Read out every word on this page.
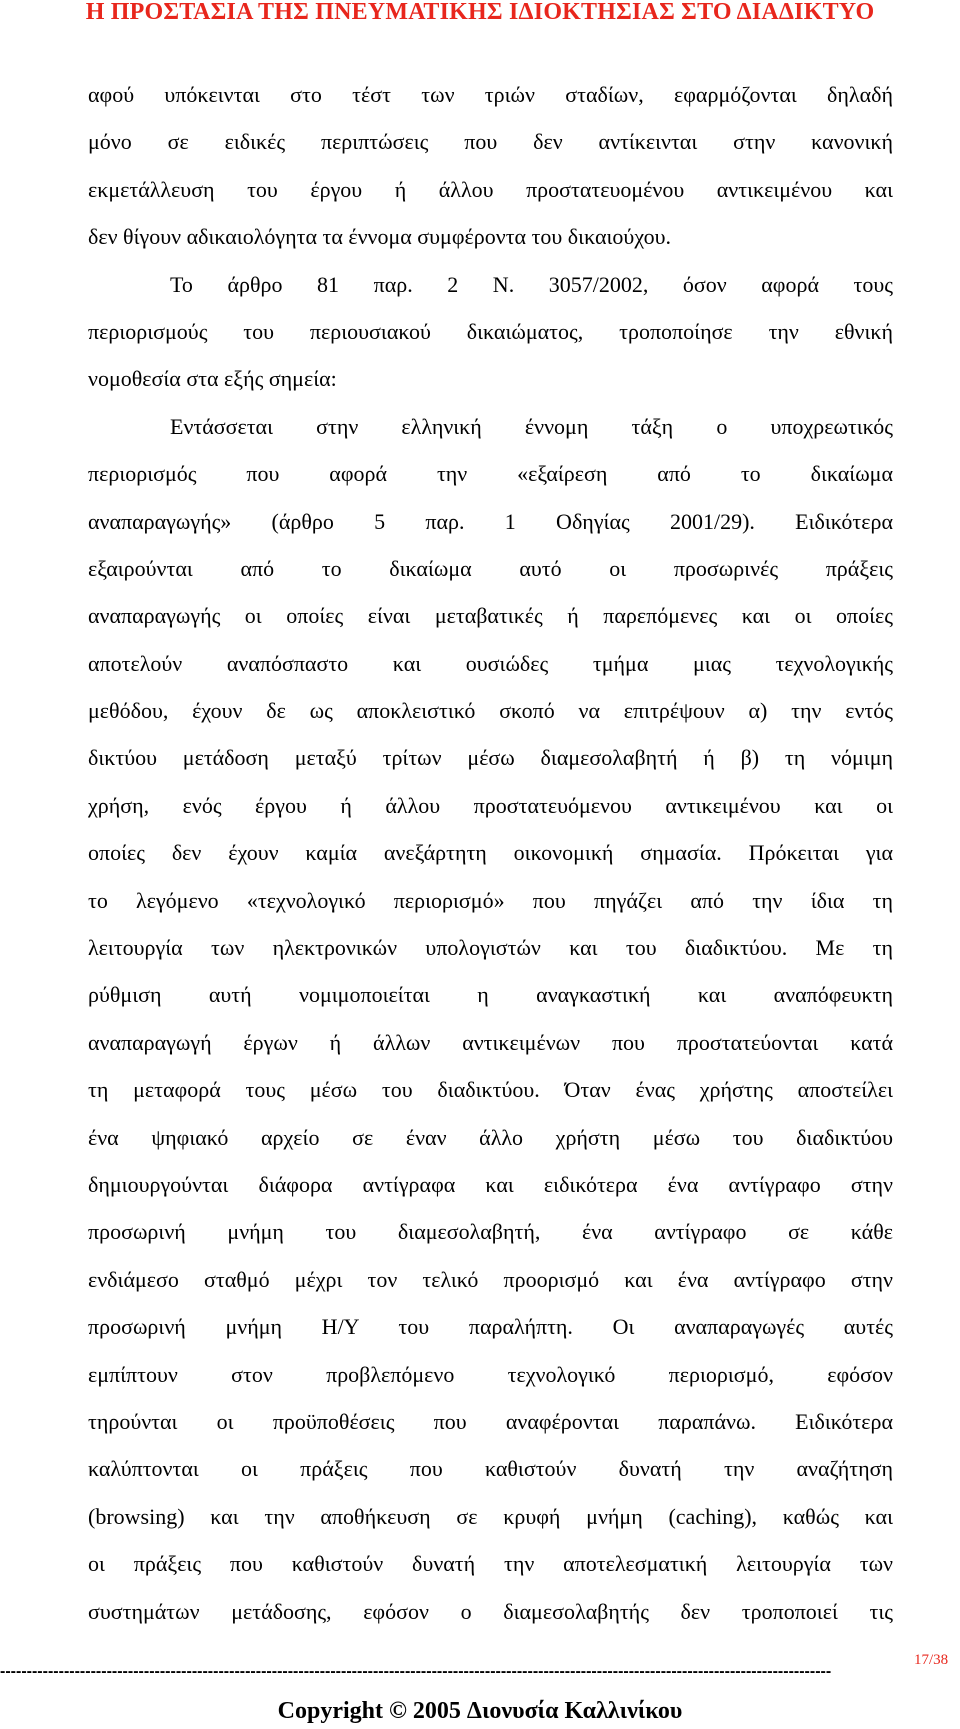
Η ΠΡΟΣΤΑΣΙΑ ΤΗΣ ΠΝΕΥΜΑΤΙΚΗΣ ΙΔΙΟΚΤΗΣΙΑΣ ΣΤΟ ΔΙΑΔΙΚΤΥΟ
αφού υπόκεινται στο τέστ των τριών σταδίων, εφαρμόζονται δηλαδή
μόνο σε ειδικές περιπτώσεις που δεν αντίκεινται στην κανονική
εκμετάλλευση του έργου ή άλλου προστατευομένου αντικειμένου και
δεν θίγουν αδικαιολόγητα τα έννομα συμφέροντα του δικαιούχου.
Το άρθρο 81 παρ. 2 Ν. 3057/2002, όσον αφορά τους
περιορισμούς του περιουσιακού δικαιώματος, τροποποίησε την εθνική
νομοθεσία στα εξής σημεία:
Εντάσσεται στην ελληνική έννομη τάξη ο υποχρεωτικός
περιορισμός που αφορά την «εξαίρεση από το δικαίωμα
αναπαραγωγής» (άρθρο 5 παρ. 1 Οδηγίας 2001/29). Ειδικότερα
εξαιρούνται από το δικαίωμα αυτό οι προσωρινές πράξεις
αναπαραγωγής οι οποίες είναι μεταβατικές ή παρεπόμενες και οι οποίες
αποτελούν αναπόσπαστο και ουσιώδες τμήμα μιας τεχνολογικής
μεθόδου, έχουν δε ως αποκλειστικό σκοπό να επιτρέψουν α) την εντός
δικτύου μετάδοση μεταξύ τρίτων μέσω διαμεσολαβητή ή β) τη νόμιμη
χρήση, ενός έργου ή άλλου προστατευόμενου αντικειμένου και οι
οποίες δεν έχουν καμία ανεξάρτητη οικονομική σημασία. Πρόκειται για
το λεγόμενο «τεχνολογικό περιορισμό» που πηγάζει από την ίδια τη
λειτουργία των ηλεκτρονικών υπολογιστών και του διαδικτύου. Με τη
ρύθμιση αυτή νομιμοποιείται η αναγκαστική και αναπόφευκτη
αναπαραγωγή έργων ή άλλων αντικειμένων που προστατεύονται κατά
τη μεταφορά τους μέσω του διαδικτύου. Όταν ένας χρήστης αποστείλει
ένα ψηφιακό αρχείο σε έναν άλλο χρήστη μέσω του διαδικτύου
δημιουργούνται διάφορα αντίγραφα και ειδικότερα ένα αντίγραφο στην
προσωρινή μνήμη του διαμεσολαβητή, ένα αντίγραφο σε κάθε
ενδιάμεσο σταθμό μέχρι τον τελικό προορισμό και ένα αντίγραφο στην
προσωρινή μνήμη Η/Υ του παραλήπτη. Οι αναπαραγωγές αυτές
εμπίπτουν στον προβλεπόμενο τεχνολογικό περιορισμό, εφόσον
τηρούνται οι προϋποθέσεις που αναφέρονται παραπάνω. Ειδικότερα
καλύπτονται οι πράξεις που καθιστούν δυνατή την αναζήτηση
(browsing) και την αποθήκευση σε κρυφή μνήμη (caching), καθώς και
οι πράξεις που καθιστούν δυνατή την αποτελεσματική λειτουργία των
συστημάτων μετάδοσης, εφόσον ο διαμεσολαβητής δεν τροποποιεί τις
------------------------------------------------------------------------------------------------------------------------------------------------------------
17/38
Copyright © 2005 Διονυσία Καλλινίκου
